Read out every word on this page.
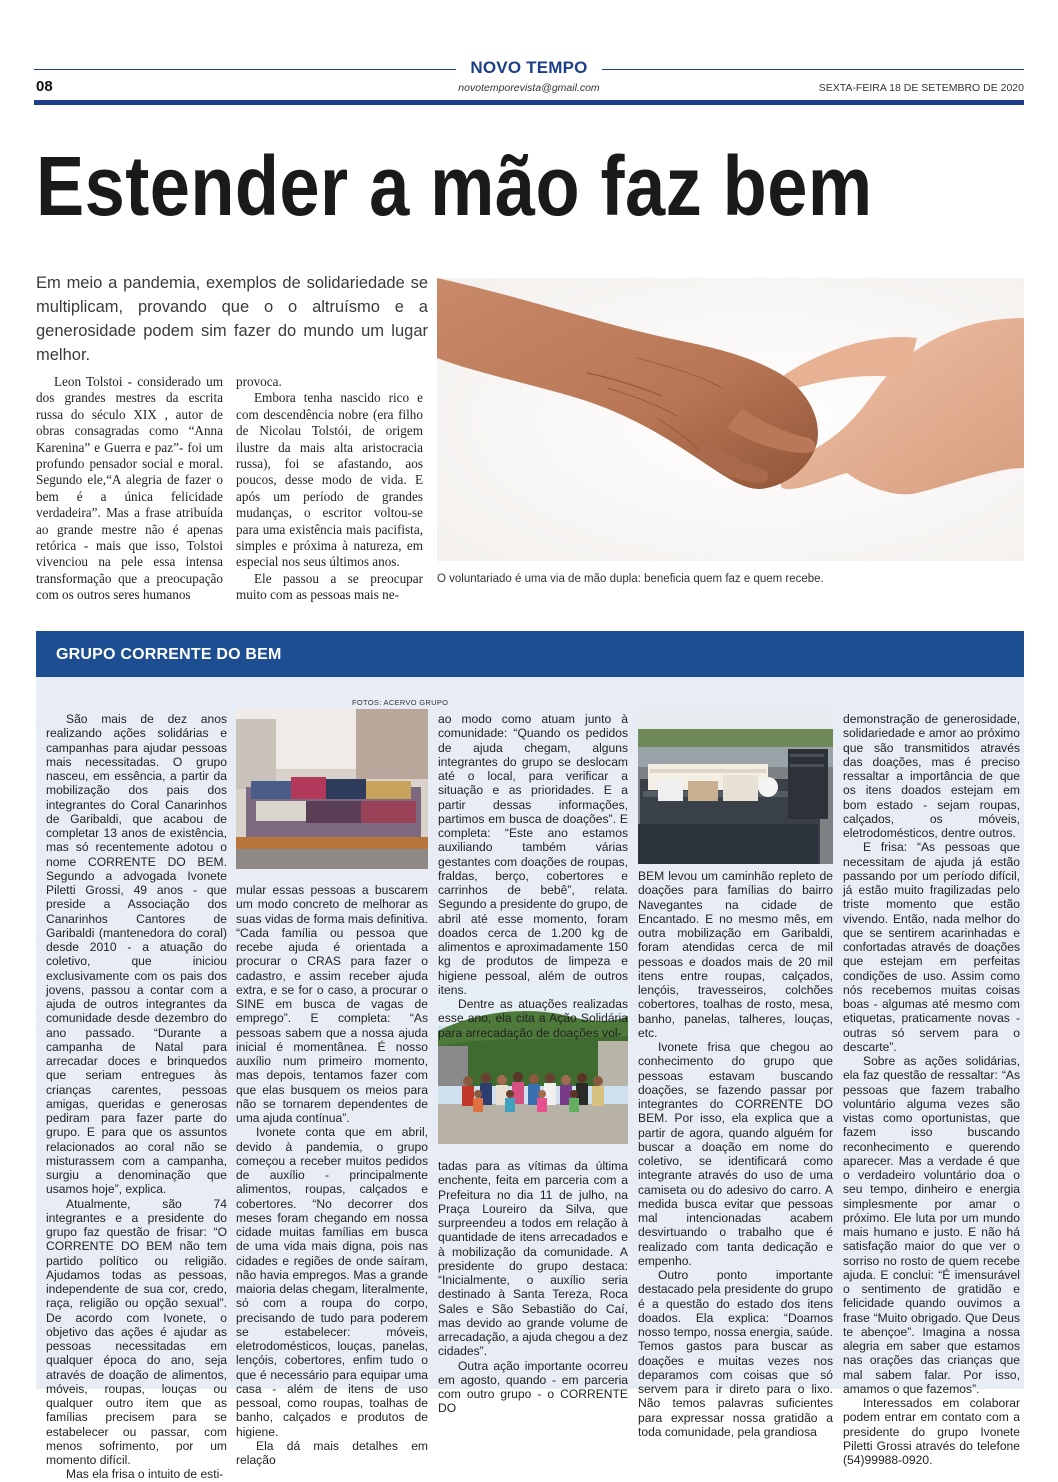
NOVO TEMPO
novotemporevista@gmail.com
08	SEXTA-FEIRA 18 DE SETEMBRO DE 2020
Estender a mão faz bem
Em meio a pandemia, exemplos de solidariedade se multiplicam, provando que o o altruísmo e a generosidade podem sim fazer do mundo um lugar melhor.

Leon Tolstoi - considerado um dos grandes mestres da escrita russa do século XIX , autor de obras consagradas como “Anna Karenina” e Guerra e paz”- foi um profundo pensador social e moral. Segundo ele,“A alegria de fazer o bem é a única felicidade verdadeira”. Mas a frase atribuída ao grande mestre não é apenas retórica - mais que isso, Tolstoi vivenciou na pele essa intensa transformação que a preocupação com os outros seres humanos

provoca.

Embora tenha nascido rico e com descendência nobre (era filho de Nicolau Tolstói, de origem ilustre da mais alta aristocracia russa), foi se afastando, aos poucos, desse modo de vida. E após um período de grandes mudanças, o escritor voltou-se para uma existência mais pacifista, simples e próxima à natureza, em especial nos seus últimos anos.

Ele passou a se preocupar muito com as pessoas mais ne-

O voluntariado é uma via de mão dupla: beneficia quem faz e quem recebe.
GRUPO CORRENTE DO BEM
FOTOS: ACERVO GRUPO

São mais de dez anos realizando ações solidárias e campanhas para ajudar pessoas mais necessitadas. O grupo nasceu, em essência, a partir da mobilização dos pais dos integrantes do Coral Canarinhos de Garibaldi, que acabou de completar 13 anos de existência, mas só recentemente adotou o nome CORRENTE DO BEM. Segundo a advogada Ivonete Piletti Grossi, 49 anos - que preside a Associação dos Canarinhos Cantores de Garibaldi (mantenedora do coral) desde 2010 - a atuação do coletivo, que iniciou exclusivamente com os pais dos jovens, passou a contar com a ajuda de outros integrantes da comunidade desde dezembro do ano passado. “Durante a campanha de Natal para arrecadar doces e brinquedos que seriam entregues às crianças carentes, pessoas amigas, queridas e generosas pediram para fazer parte do grupo. E para que os assuntos relacionados ao coral não se misturassem com a campanha, surgiu a denominação que usamos hoje”, explica.

Atualmente, são 74 integrantes e a presidente do grupo faz questão de frisar: “O CORRENTE DO BEM não tem partido político ou religião. Ajudamos todas as pessoas, independente de sua cor, credo, raça, religião ou opção sexual”. De acordo com Ivonete, o objetivo das ações é ajudar as pessoas necessitadas em qualquer época do ano, seja através de doação de alimentos, móveis, roupas, louças ou qualquer outro item que as famílias precisem para se estabelecer ou passar, com menos sofrimento, por um momento difícil.

Mas ela frisa o intuito de esti-

mular essas pessoas a buscarem um modo concreto de melhorar as suas vidas de forma mais definitiva. “Cada família ou pessoa que recebe ajuda é orientada a procurar o CRAS para fazer o cadastro, e assim receber ajuda extra, e se for o caso, a procurar o SINE em busca de vagas de emprego”. E completa: “As pessoas sabem que a nossa ajuda inicial é momentânea. É nosso auxílio num primeiro momento, mas depois, tentamos fazer com que elas busquem os meios para não se tornarem dependentes de uma ajuda contínua”.

Ivonete conta que em abril, devido à pandemia, o grupo começou a receber muitos pedidos de auxílio - principalmente alimentos, roupas, calçados e cobertores. “No decorrer dos meses foram chegando em nossa cidade muitas famílias em busca de uma vida mais digna, pois nas cidades e regiões de onde saíram, não havia empregos. Mas a grande maioria delas chegam, literalmente, só com a roupa do corpo, precisando de tudo para poderem se estabelecer: móveis, eletrodomésticos, louças, panelas, lençóis, cobertores, enfim tudo o que é necessário para equipar uma casa - além de itens de uso pessoal, como roupas, toalhas de banho, calçados e produtos de higiene.

Ela dá mais detalhes em relação

ao modo como atuam junto à comunidade: “Quando os pedidos de ajuda chegam, alguns integrantes do grupo se deslocam até o local, para verificar a situação e as prioridades. E a partir dessas informações, partimos em busca de doações”. E completa: “Este ano estamos auxiliando também várias gestantes com doações de roupas, fraldas, berço, cobertores e carrinhos de bebê”, relata. Segundo a presidente do grupo, de abril até esse momento, foram doados cerca de 1.200 kg de alimentos e aproximadamente 150 kg de produtos de limpeza e higiene pessoal, além de outros itens.

Dentre as atuações realizadas esse ano, ela cita a Ação Solidária para arrecadação de doações vol-

tadas para as vítimas da última enchente, feita em parceria com a Prefeitura no dia 11 de julho, na Praça Loureiro da Silva, que surpreendeu a todos em relação à quantidade de itens arrecadados e à mobilização da comunidade. A presidente do grupo destaca: “Inicialmente, o auxílio seria destinado à Santa Tereza, Roca Sales e São Sebastião do Caí, mas devido ao grande volume de arrecadação, a ajuda chegou a dez cidades”.

Outra ação importante ocorreu em agosto, quando - em parceria com outro grupo - o CORRENTE DO

BEM levou um caminhão repleto de doações para famílias do bairro Navegantes na cidade de Encantado. E no mesmo mês, em outra mobilização em Garibaldi, foram atendidas cerca de mil pessoas e doados mais de 20 mil itens entre roupas, calçados, lençóis, travesseiros, colchões cobertores, toalhas de rosto, mesa, banho, panelas, talheres, louças, etc.

Ivonete frisa que chegou ao conhecimento do grupo que pessoas estavam buscando doações, se fazendo passar por integrantes do CORRENTE DO BEM. Por isso, ela explica que a partir de agora, quando alguém for buscar a doação em nome do coletivo, se identificará como integrante através do uso de uma camiseta ou do adesivo do carro. A medida busca evitar que pessoas mal intencionadas acabem desvirtuando o trabalho que é realizado com tanta dedicação e empenho.

Outro ponto importante destacado pela presidente do grupo é a questão do estado dos itens doados. Ela explica: “Doamos nosso tempo, nossa energia, saúde. Temos gastos para buscar as doações e muitas vezes nos deparamos com coisas que só servem para ir direto para o lixo. Não temos palavras suficientes para expressar nossa gratidão a toda comunidade, pela grandiosa

demonstração de generosidade, solidariedade e amor ao próximo que são transmitidos através das doações, mas é preciso ressaltar a importância de que os itens doados estejam em bom estado - sejam roupas, calçados, os móveis, eletrodomésticos, dentre outros.

E frisa: “As pessoas que necessitam de ajuda já estão passando por um período difícil, já estão muito fragilizadas pelo triste momento que estão vivendo. Então, nada melhor do que se sentirem acarinhadas e confortadas através de doações que estejam em perfeitas condições de uso. Assim como nós recebemos muitas coisas boas - algumas até mesmo com etiquetas, praticamente novas - outras só servem para o descarte”.

Sobre as ações solidárias, ela faz questão de ressaltar: “As pessoas que fazem trabalho voluntário alguma vezes são vistas como oportunistas, que fazem isso buscando reconhecimento e querendo aparecer. Mas a verdade é que o verdadeiro voluntário doa o seu tempo, dinheiro e energia simplesmente por amar o próximo. Ele luta por um mundo mais humano e justo. E não há satisfação maior do que ver o sorriso no rosto de quem recebe ajuda. E conclui: “É imensurável o sentimento de gratidão e felicidade quando ouvimos a frase “Muito obrigado. Que Deus te abençoe”. Imagina a nossa alegria em saber que estamos nas orações das crianças que mal sabem falar. Por isso, amamos o que fazemos”.

Interessados em colaborar podem entrar em contato com a presidente do grupo Ivonete Piletti Grossi através do telefone (54)99988-0920.
